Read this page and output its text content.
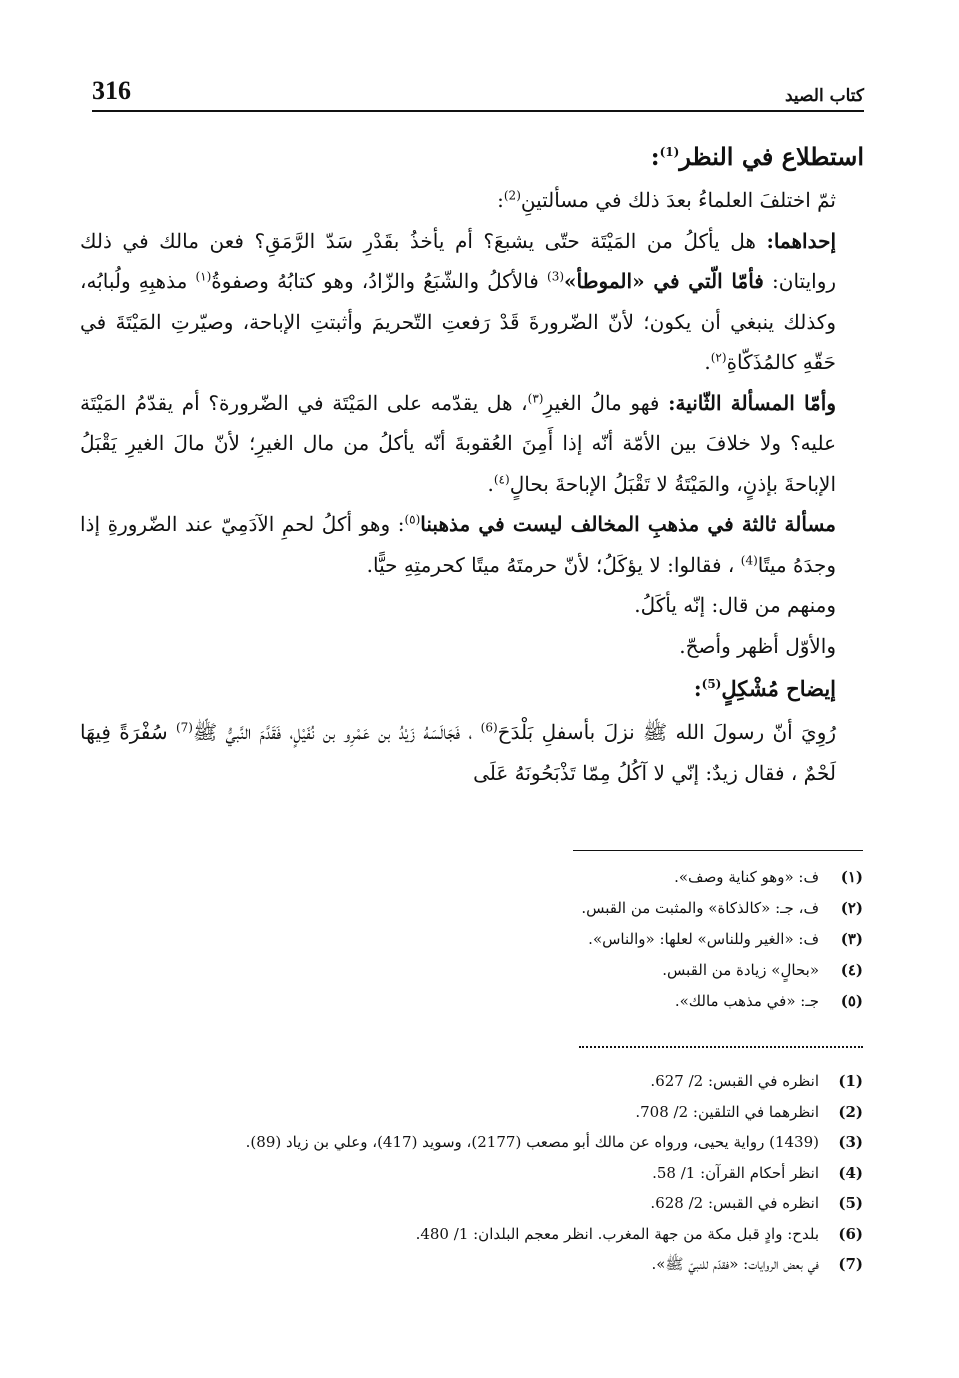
316	كتاب الصيد

استطلاع في النظر$^{(1)}$:

ثمّ اختلفَ العلماءُ بعدَ ذلك في مسألتينِ$^{(2)}$:

إحداهما: هل يأكلُ من المَيْتَة حتّى يشبعَ؟ أم يأخذُ بقَدْرِ سَدّ الرَّمَقِ؟ فعن مالك في ذلك روايتان: فأمّا الّتي في «الموطأ»$^{(3)}$ فالأكلُ والشّبَعُ والزّادُ، وهو كتابُهُ وصفوةُ$^{(١)}$ مذهبِهِ ولُبابُه، وكذلك ينبغي أن يكون؛ لأنّ الضّرورةَ قَدْ رَفعتِ التّحريمَ وأثبتتِ الإباحة، وصيّرتِ المَيْتَةَ في حَقّهِ كالمُذَكّاةِ$^{(٢)}$.

وأمّا المسألة الثّانية: فهو مالُ الغيرِ$^{(٣)}$، هل يقدّمه على المَيْتَة في الضّرورة؟ أم يقدّمُ المَيْتَة عليه؟ ولا خلافَ بين الأمّة أنّه إذا أَمِنَ العُقوبةَ أنّه يأكلُ من مال الغيرِ؛ لأنّ مالَ الغيرِ يَقْبَلُ الإباحةَ بإذنٍ، والمَيْتَةُ لا تَقْبَلُ الإباحةَ بحالٍ$^{(٤)}$.

مسألة ثالثة في مذهبِ المخالف ليست في مذهبنا$^{(٥)}$: وهو أكلُ لحمِ الآدَمِيّ عند الضّرورةِ إذا وجدَهُ ميتًا$^{(4)}$ ، فقالوا: لا يؤكَلُ؛ لأنّ حرمتَهُ ميتًا كحرمتِهِ حيًّا.

ومنهم من قال: إنّه يأكَلُ.

والأوّل أظهر وأصحّ.

إيضاح مُشْكِلٍ$^{(5)}$:

رُوِيَ أنّ رسولَ الله ﷺ نزلَ بأسفلِ بَلْدَحَ$^{(6)}$ ، فَجَالَسَهُ زَيْدُ بن عَمْرِو بن نُفَيْلٍ، فَقَدَّمَ النَّبيُّ ﷺ$^{(7)}$ سُفْرَةً فِيهَا لَحْمٌ ، فقال زيدٌ: إنّي لا آكُلُ مِمّا تَذْبَحُونَهُ عَلَى

(١)
ف: «وهو كناية وصف».
(٢)
ف، جـ: «كالذكاة» والمثبت من القبس.
(٣)
ف: «الغير وللناس» لعلها: «والناس».
(٤)
«بحالٍ» زيادة من القبس.
(٥)
جـ: «في مذهب مالك».
(1)
انظره في القبس: 2/ 627.
(2)
انظرهما في التلقين: 2/ 708.
(3)
(1439) رواية يحيى، ورواه عن مالك أبو مصعب (2177)، وسويد (417)، وعلي بن زياد (89).
(4)
انظر أحكام القرآن: 1/ 58.
(5)
انظره في القبس: 2/ 628.
(6)
بلدح: وادٍ قبل مكة من جهة المغرب. انظر معجم البلدان: 1/ 480.
(7)
في بعض الروايات: «فقدّم للنبيّ ﷺ».
